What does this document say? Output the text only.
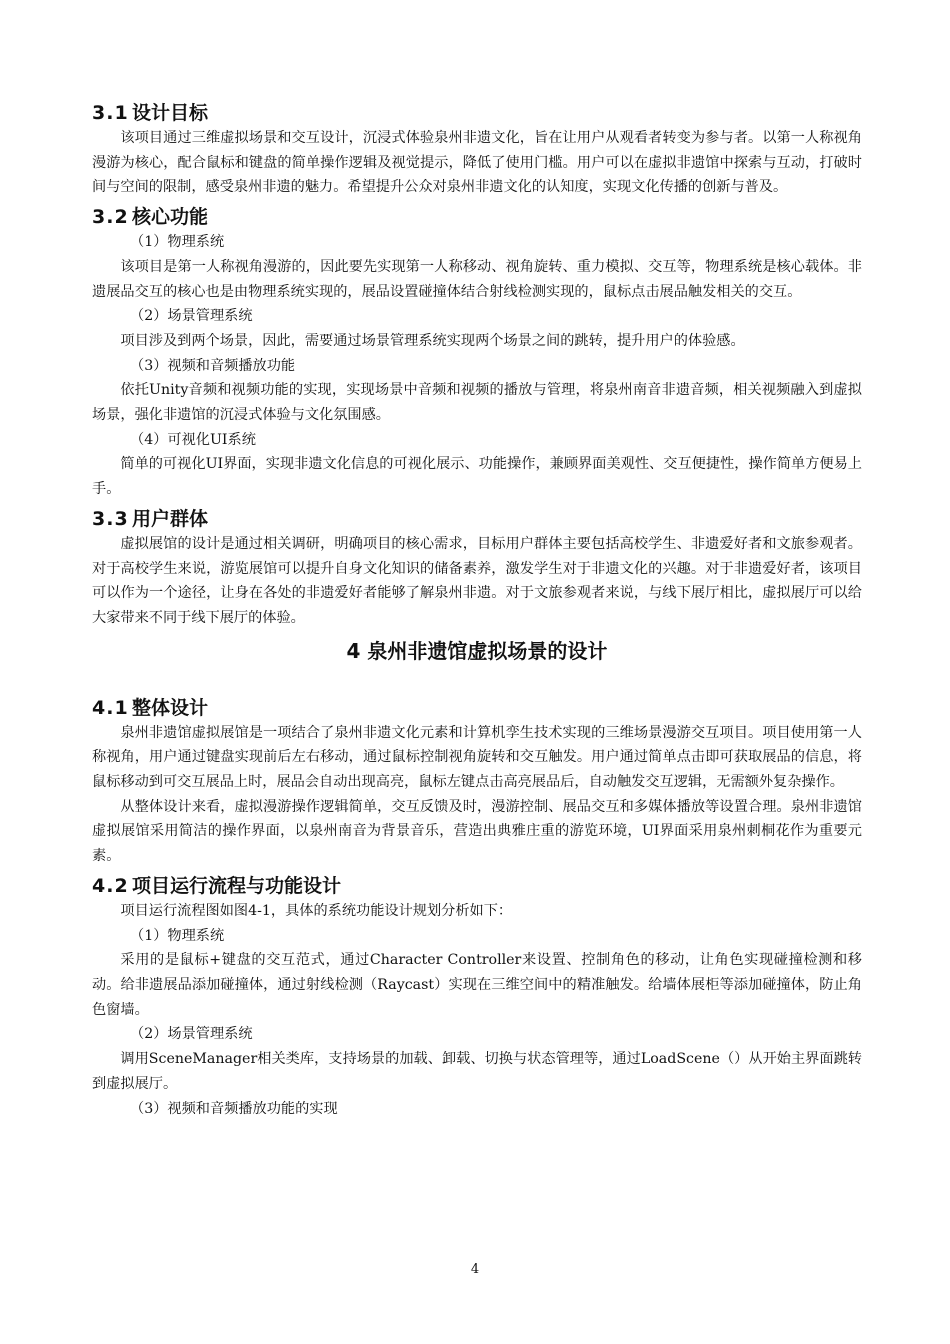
3.1 设计目标

该项目通过三维虚拟场景和交互设计，沉浸式体验泉州非遗文化，旨在让用户从观看者转变为参与者。以第一人称视角漫游为核心，配合鼠标和键盘的简单操作逻辑及视觉提示，降低了使用门槛。用户可以在虚拟非遗馆中探索与互动，打破时间与空间的限制，感受泉州非遗的魅力。希望提升公众对泉州非遗文化的认知度，实现文化传播的创新与普及。

3.2 核心功能

（1）物理系统

该项目是第一人称视角漫游的，因此要先实现第一人称移动、视角旋转、重力模拟、交互等，物理系统是核心载体。非遗展品交互的核心也是由物理系统实现的，展品设置碰撞体结合射线检测实现的，鼠标点击展品触发相关的交互。

（2）场景管理系统

项目涉及到两个场景，因此，需要通过场景管理系统实现两个场景之间的跳转，提升用户的体验感。

（3）视频和音频播放功能

依托Unity音频和视频功能的实现，实现场景中音频和视频的播放与管理，将泉州南音非遗音频，相关视频融入到虚拟场景，强化非遗馆的沉浸式体验与文化氛围感。

（4）可视化UI系统

简单的可视化UI界面，实现非遗文化信息的可视化展示、功能操作，兼顾界面美观性、交互便捷性，操作简单方便易上手。

3.3 用户群体

虚拟展馆的设计是通过相关调研，明确项目的核心需求，目标用户群体主要包括高校学生、非遗爱好者和文旅参观者。对于高校学生来说，游览展馆可以提升自身文化知识的储备素养，激发学生对于非遗文化的兴趣。对于非遗爱好者，该项目可以作为一个途径，让身在各处的非遗爱好者能够了解泉州非遗。对于文旅参观者来说，与线下展厅相比，虚拟展厅可以给大家带来不同于线下展厅的体验。

4 泉州非遗馆虚拟场景的设计
4.1 整体设计

泉州非遗馆虚拟展馆是一项结合了泉州非遗文化元素和计算机孪生技术实现的三维场景漫游交互项目。项目使用第一人称视角，用户通过键盘实现前后左右移动，通过鼠标控制视角旋转和交互触发。用户通过简单点击即可获取展品的信息，将鼠标移动到可交互展品上时，展品会自动出现高亮，鼠标左键点击高亮展品后，自动触发交互逻辑，无需额外复杂操作。

从整体设计来看，虚拟漫游操作逻辑简单，交互反馈及时，漫游控制、展品交互和多媒体播放等设置合理。泉州非遗馆虚拟展馆采用简洁的操作界面，以泉州南音为背景音乐，营造出典雅庄重的游览环境，UI界面采用泉州刺桐花作为重要元素。

4.2 项目运行流程与功能设计

项目运行流程图如图4-1，具体的系统功能设计规划分析如下：

（1）物理系统

采用的是鼠标+键盘的交互范式，通过Character Controller来设置、控制角色的移动，让角色实现碰撞检测和移动。给非遗展品添加碰撞体，通过射线检测（Raycast）实现在三维空间中的精准触发。给墙体展柜等添加碰撞体，防止角色窗墙。

（2）场景管理系统

调用SceneManager相关类库，支持场景的加载、卸载、切换与状态管理等，通过LoadScene（）从开始主界面跳转到虚拟展厅。

（3）视频和音频播放功能的实现

4
